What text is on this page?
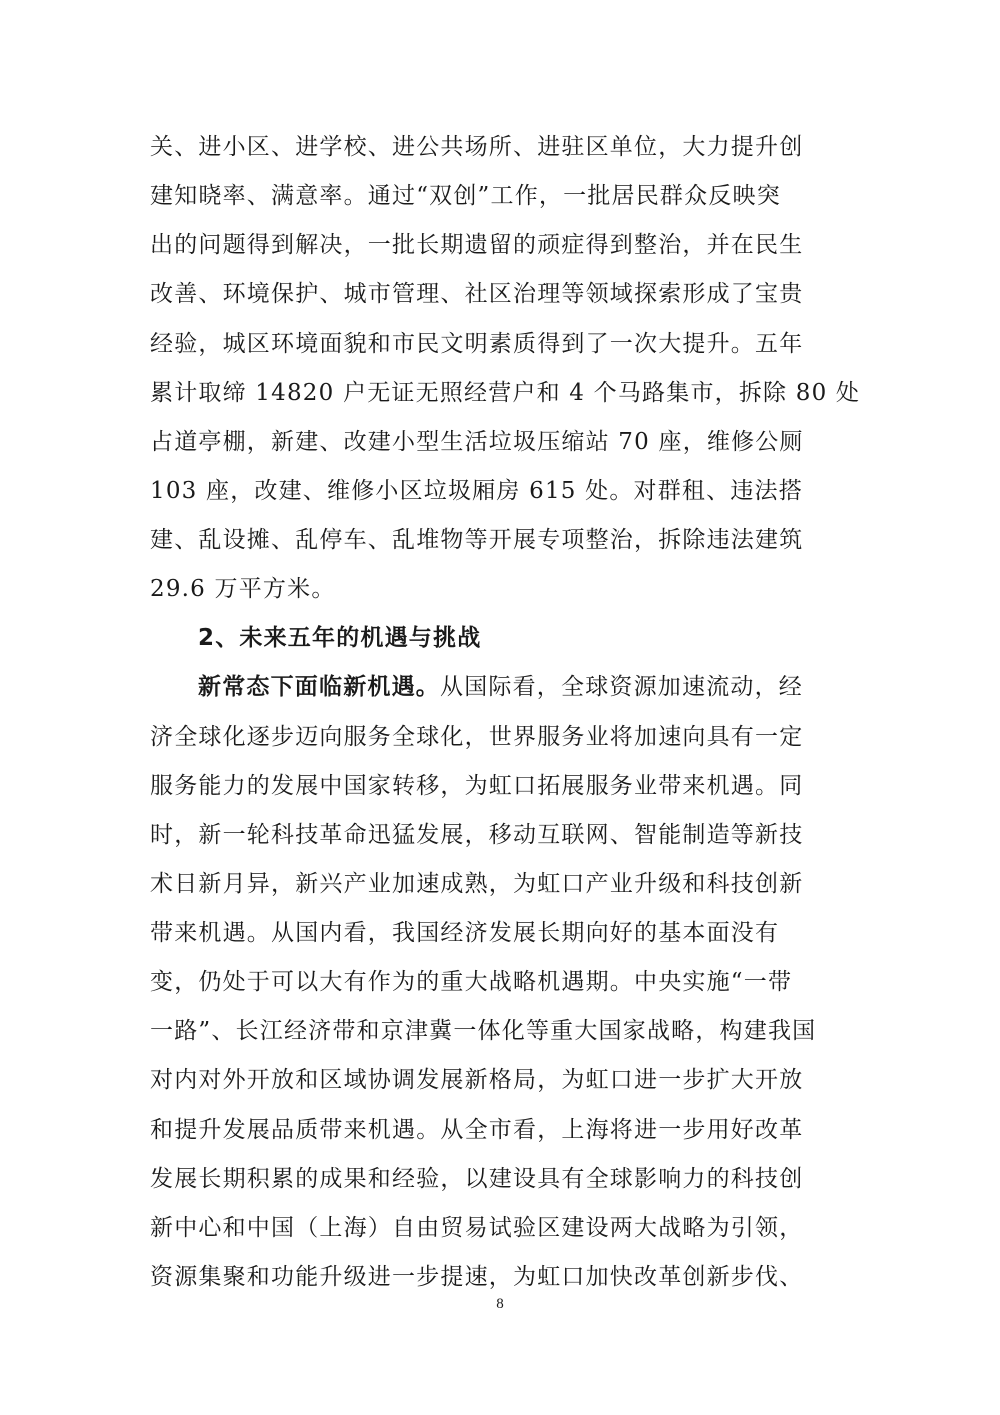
关、进小区、进学校、进公共场所、进驻区单位，大力提升创
建知晓率、满意率。通过“双创”工作，一批居民群众反映突
出的问题得到解决，一批长期遗留的顽症得到整治，并在民生
改善、环境保护、城市管理、社区治理等领域探索形成了宝贵
经验，城区环境面貌和市民文明素质得到了一次大提升。五年
累计取缔 14820 户无证无照经营户和 4 个马路集市，拆除 80 处
占道亭棚，新建、改建小型生活垃圾压缩站 70 座，维修公厕
103 座，改建、维修小区垃圾厢房 615 处。对群租、违法搭
建、乱设摊、乱停车、乱堆物等开展专项整治，拆除违法建筑
29.6 万平方米。
2、未来五年的机遇与挑战
新常态下面临新机遇。从国际看，全球资源加速流动，经
济全球化逐步迈向服务全球化，世界服务业将加速向具有一定
服务能力的发展中国家转移，为虹口拓展服务业带来机遇。同
时，新一轮科技革命迅猛发展，移动互联网、智能制造等新技
术日新月异，新兴产业加速成熟，为虹口产业升级和科技创新
带来机遇。从国内看，我国经济发展长期向好的基本面没有
变，仍处于可以大有作为的重大战略机遇期。中央实施“一带
一路”、长江经济带和京津冀一体化等重大国家战略，构建我国
对内对外开放和区域协调发展新格局，为虹口进一步扩大开放
和提升发展品质带来机遇。从全市看，上海将进一步用好改革
发展长期积累的成果和经验，以建设具有全球影响力的科技创
新中心和中国（上海）自由贸易试验区建设两大战略为引领，
资源集聚和功能升级进一步提速，为虹口加快改革创新步伐、
8
